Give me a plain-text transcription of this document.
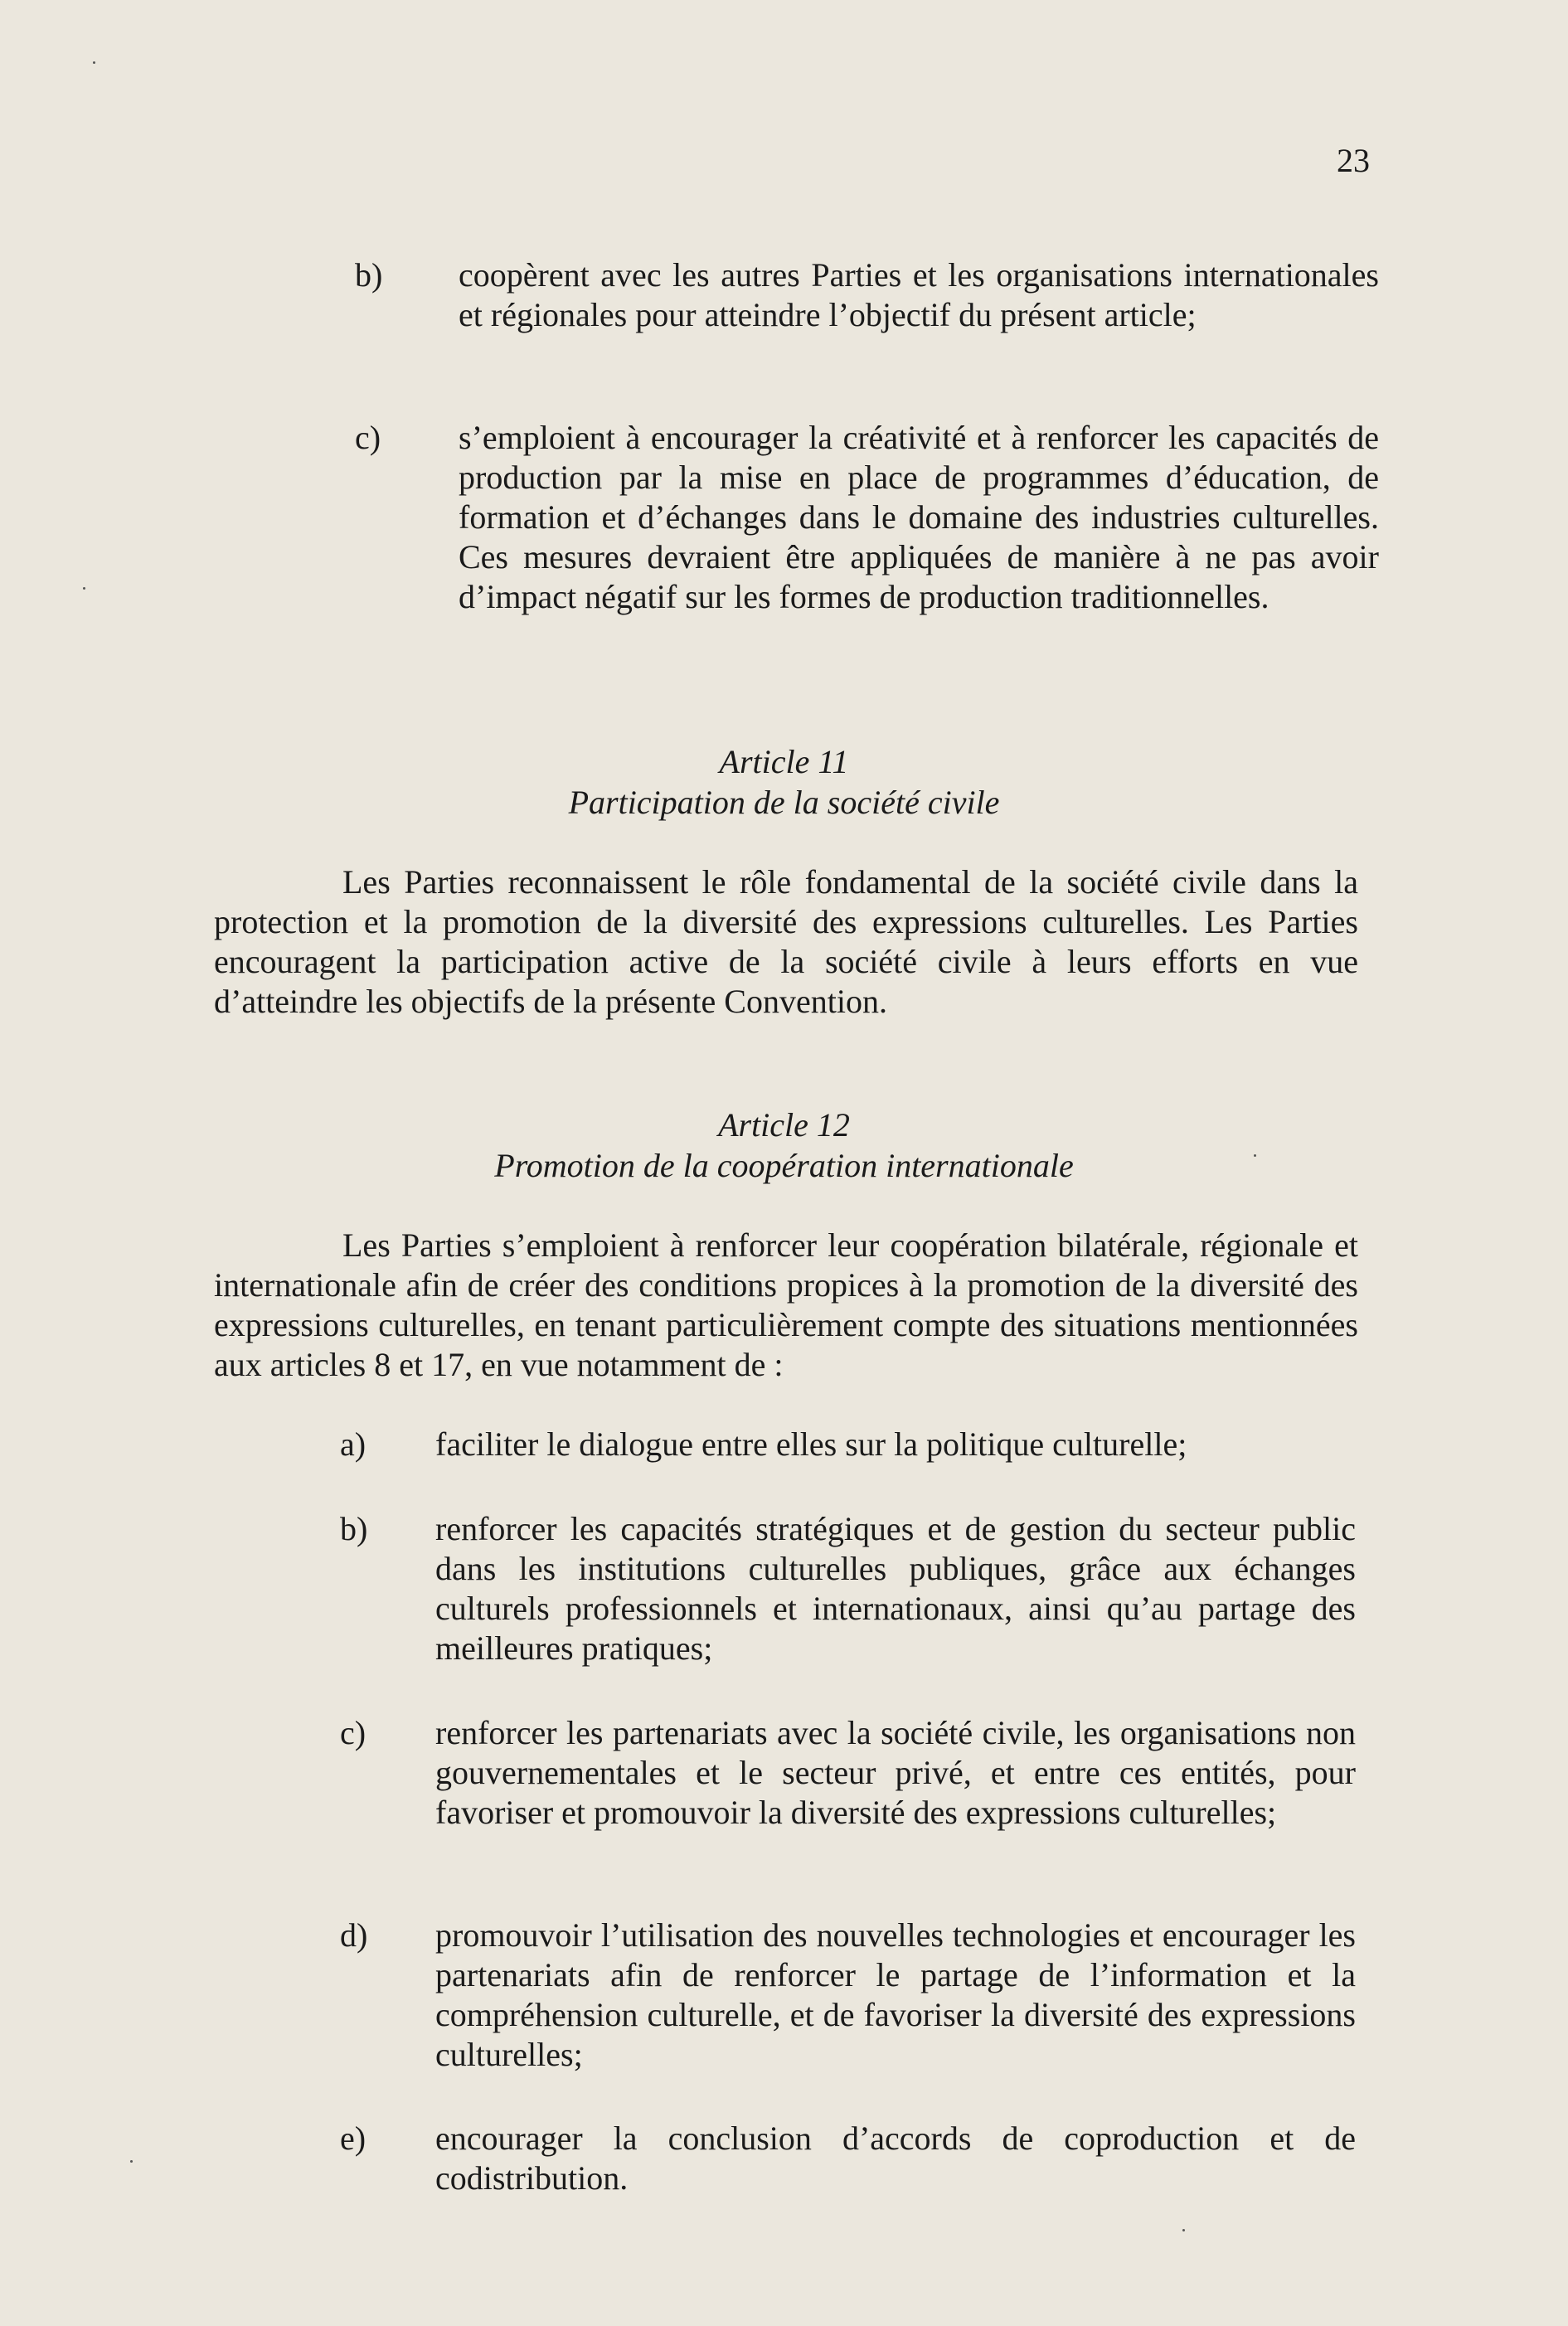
23
b) coopèrent avec les autres Parties et les organisations internationales et régionales pour atteindre l’objectif du présent article;
c) s’emploient à encourager la créativité et à renforcer les capacités de production par la mise en place de programmes d’éducation, de formation et d’échanges dans le domaine des industries culturelles. Ces mesures devraient être appliquées de manière à ne pas avoir d’impact négatif sur les formes de production traditionnelles.
Article 11
Participation de la société civile
Les Parties reconnaissent le rôle fondamental de la société civile dans la protection et la promotion de la diversité des expressions culturelles. Les Parties encouragent la participation active de la société civile à leurs efforts en vue d’atteindre les objectifs de la présente Convention.
Article 12
Promotion de la coopération internationale
Les Parties s’emploient à renforcer leur coopération bilatérale, régionale et internationale afin de créer des conditions propices à la promotion de la diversité des expressions culturelles, en tenant particulièrement compte des situations mentionnées aux articles 8 et 17, en vue notamment de :
a) faciliter le dialogue entre elles sur la politique culturelle;
b) renforcer les capacités stratégiques et de gestion du secteur public dans les institutions culturelles publiques, grâce aux échanges culturels professionnels et internationaux, ainsi qu’au partage des meilleures pratiques;
c) renforcer les partenariats avec la société civile, les organisations non gouvernementales et le secteur privé, et entre ces entités, pour favoriser et promouvoir la diversité des expressions culturelles;
d) promouvoir l’utilisation des nouvelles technologies et encourager les partenariats afin de renforcer le partage de l’information et la compréhension culturelle, et de favoriser la diversité des expressions culturelles;
e) encourager la conclusion d’accords de coproduction et de codistribution.
